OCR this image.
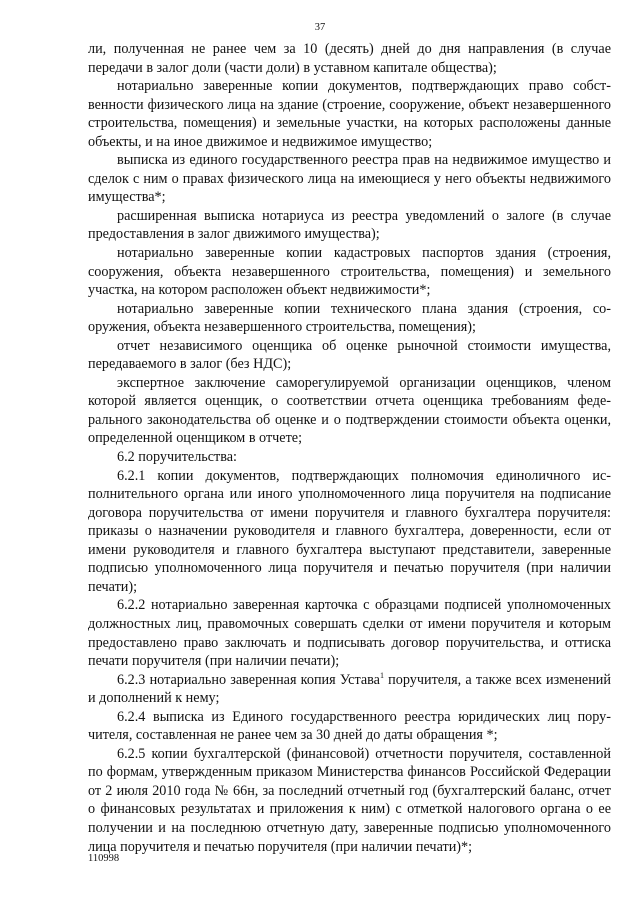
37

ли, полученная не ранее чем за 10 (десять) дней до дня направления (в случае передачи в залог доли (части доли) в уставном капитале общества);

нотариально заверенные копии документов, подтверждающих право собственности физического лица на здание (строение, сооружение, объект незавершенного строительства, помещения) и земельные участки, на которых расположены данные объекты, и на иное движимое и недвижимое имущество;

выписка из единого государственного реестра прав на недвижимое имущество и сделок с ним о правах физического лица на имеющиеся у него объекты недвижимого имущества*;

расширенная выписка нотариуса из реестра уведомлений о залоге (в случае предоставления в залог движимого имущества);

нотариально заверенные копии кадастровых паспортов здания (строения, сооружения, объекта незавершенного строительства, помещения) и земельного участка, на котором расположен объект недвижимости*;

нотариально заверенные копии технического плана здания (строения, сооружения, объекта незавершенного строительства, помещения);

отчет независимого оценщика об оценке рыночной стоимости имущества, передаваемого в залог (без НДС);

экспертное заключение саморегулируемой организации оценщиков, членом которой является оценщик, о соответствии отчета оценщика требованиям федерального законодательства об оценке и о подтверждении стоимости объекта оценки, определенной оценщиком в отчете;

6.2 поручительства:

6.2.1 копии документов, подтверждающих полномочия единоличного исполнительного органа или иного уполномоченного лица поручителя на подписание договора поручительства от имени поручителя и главного бухгалтера поручителя: приказы о назначении руководителя и главного бухгалтера, доверенности, если от имени руководителя и главного бухгалтера выступают представители, заверенные подписью уполномоченного лица поручителя и печатью поручителя (при наличии печати);

6.2.2 нотариально заверенная карточка с образцами подписей уполномоченных должностных лиц, правомочных совершать сделки от имени поручителя и которым предоставлено право заключать и подписывать договор поручительства, и оттиска печати поручителя (при наличии печати);

6.2.3 нотариально заверенная копия Устава$^1$ поручителя, а также всех изменений и дополнений к нему;

6.2.4 выписка из Единого государственного реестра юридических лиц поручителя, составленная не ранее чем за 30 дней до даты обращения *;

6.2.5 копии бухгалтерской (финансовой) отчетности поручителя, составленной по формам, утвержденным приказом Министерства финансов Российской Федерации от 2 июля 2010 года № 66н, за последний отчетный год (бухгалтерский баланс, отчет о финансовых результатах и приложения к ним) с отметкой налогового органа о ее получении и на последнюю отчетную дату, заверенные подписью уполномоченного лица поручителя и печатью поручителя (при наличии печати)*;

110998
